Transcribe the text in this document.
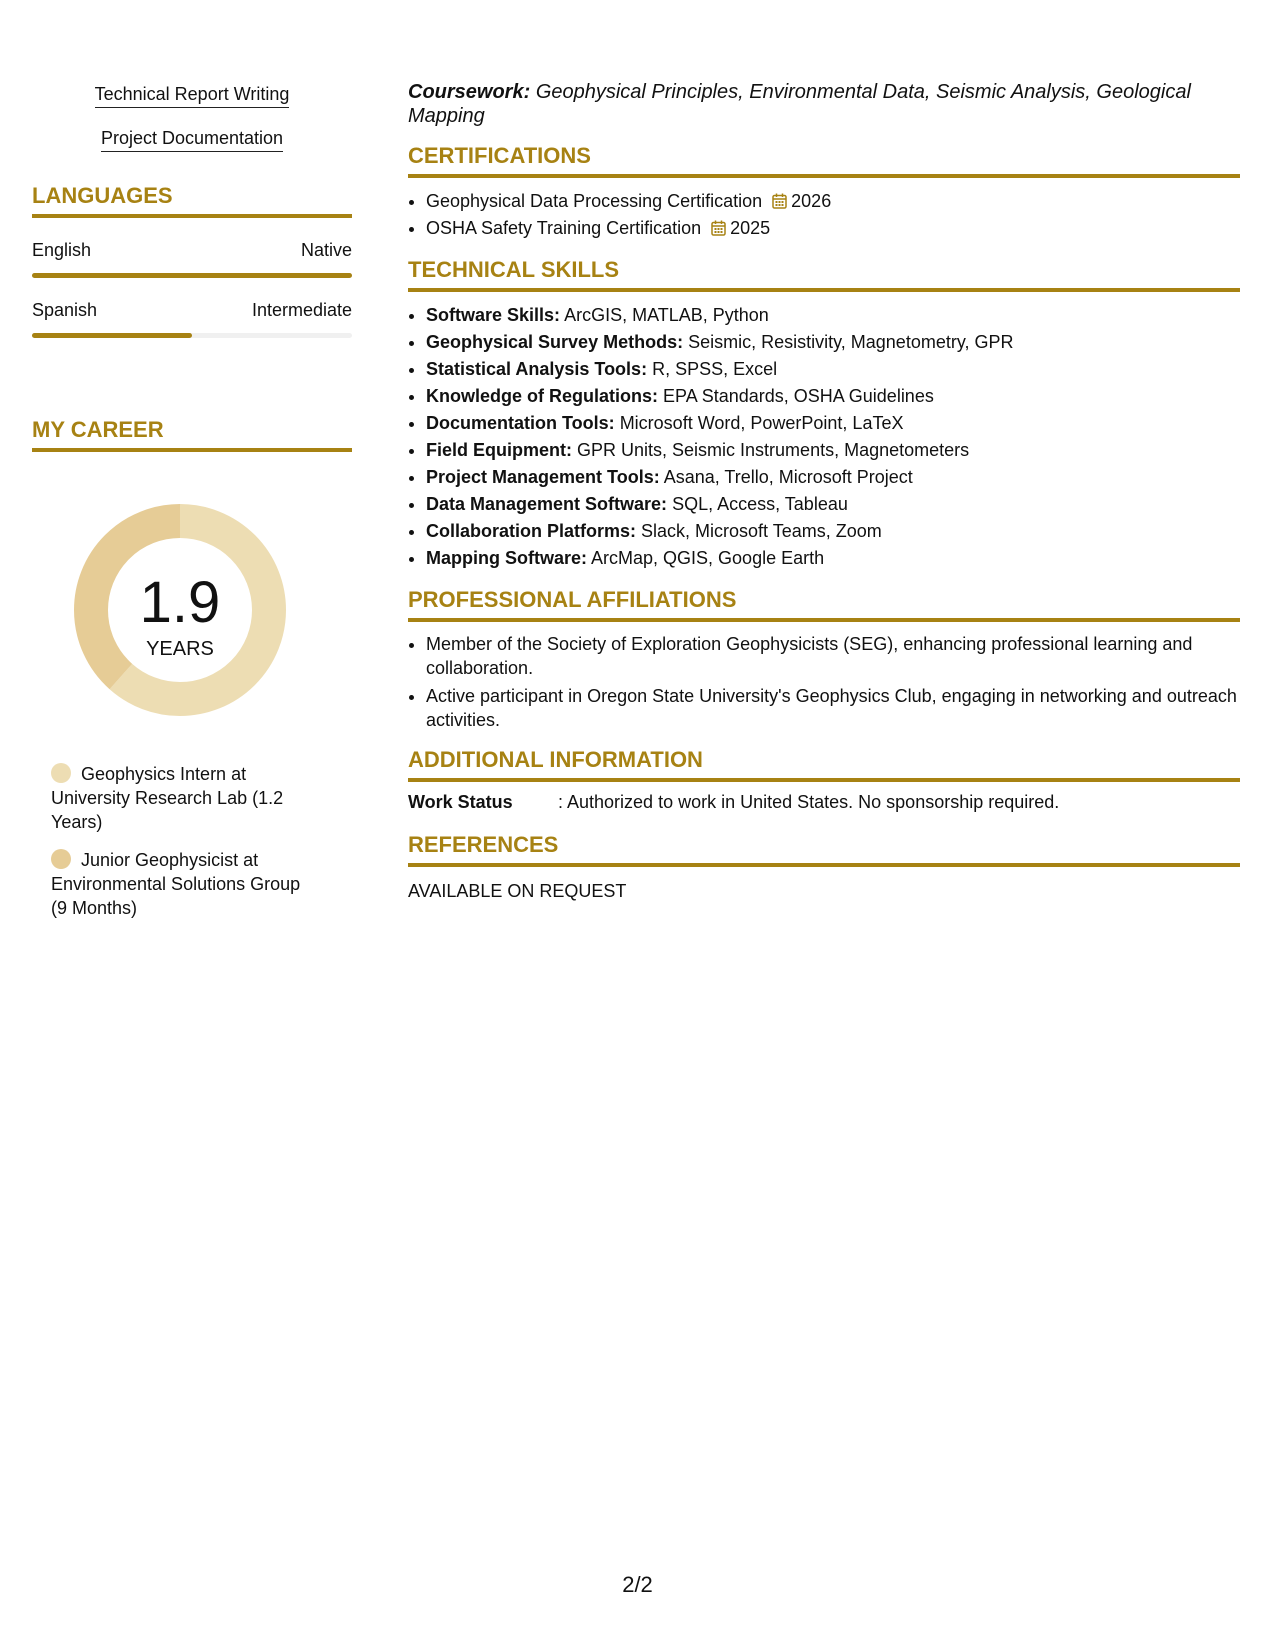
Technical Report Writing
Project Documentation
LANGUAGES
English	Native
Spanish	Intermediate
MY CAREER
1.9
YEARS
Geophysics Intern at University Research Lab (1.2 Years)
Junior Geophysicist at Environmental Solutions Group (9 Months)

Coursework: Geophysical Principles, Environmental Data, Seismic Analysis, Geological Mapping

CERTIFICATIONS
• Geophysical Data Processing Certification 2026
• OSHA Safety Training Certification 2025
TECHNICAL SKILLS
• Software Skills: ArcGIS, MATLAB, Python
• Geophysical Survey Methods: Seismic, Resistivity, Magnetometry, GPR
• Statistical Analysis Tools: R, SPSS, Excel
• Knowledge of Regulations: EPA Standards, OSHA Guidelines
• Documentation Tools: Microsoft Word, PowerPoint, LaTeX
• Field Equipment: GPR Units, Seismic Instruments, Magnetometers
• Project Management Tools: Asana, Trello, Microsoft Project
• Data Management Software: SQL, Access, Tableau
• Collaboration Platforms: Slack, Microsoft Teams, Zoom
• Mapping Software: ArcMap, QGIS, Google Earth
PROFESSIONAL AFFILIATIONS
• Member of the Society of Exploration Geophysicists (SEG), enhancing professional learning and collaboration.
• Active participant in Oregon State University's Geophysics Club, engaging in networking and outreach activities.
ADDITIONAL INFORMATION
Work Status	: Authorized to work in United States. No sponsorship required.
REFERENCES
AVAILABLE ON REQUEST
2/2
